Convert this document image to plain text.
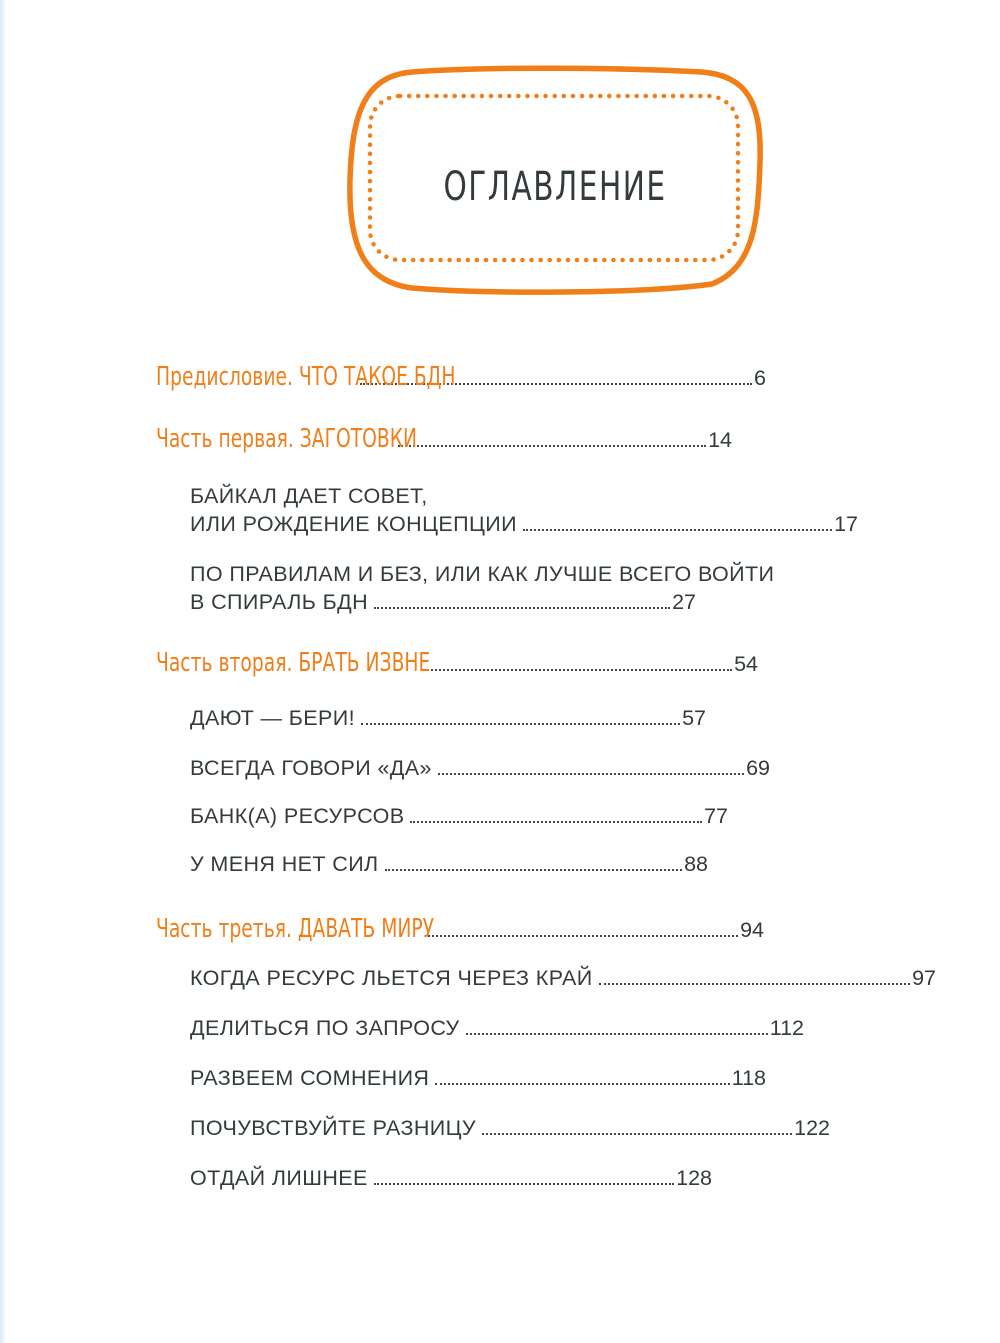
ОГЛАВЛЕНИЕ
Предисловие. ЧТО ТАКОЕ БДН	6
Часть первая. ЗАГОТОВКИ	14
БАЙКАЛ ДАЕТ СОВЕТ,
ИЛИ РОЖДЕНИЕ КОНЦЕПЦИИ	17
ПО ПРАВИЛАМ И БЕЗ, ИЛИ КАК ЛУЧШЕ ВСЕГО ВОЙТИ
В СПИРАЛЬ БДН	27
Часть вторая. БРАТЬ ИЗВНЕ	54
ДАЮТ — БЕРИ!	57
ВСЕГДА ГОВОРИ «ДА»	69
БАНК(А) РЕСУРСОВ	77
У МЕНЯ НЕТ СИЛ	88
Часть третья. ДАВАТЬ МИРУ	94
КОГДА РЕСУРС ЛЬЕТСЯ ЧЕРЕЗ КРАЙ	97
ДЕЛИТЬСЯ ПО ЗАПРОСУ	112
РАЗВЕЕМ СОМНЕНИЯ	118
ПОЧУВСТВУЙТЕ РАЗНИЦУ	122
ОТДАЙ ЛИШНЕЕ	128
